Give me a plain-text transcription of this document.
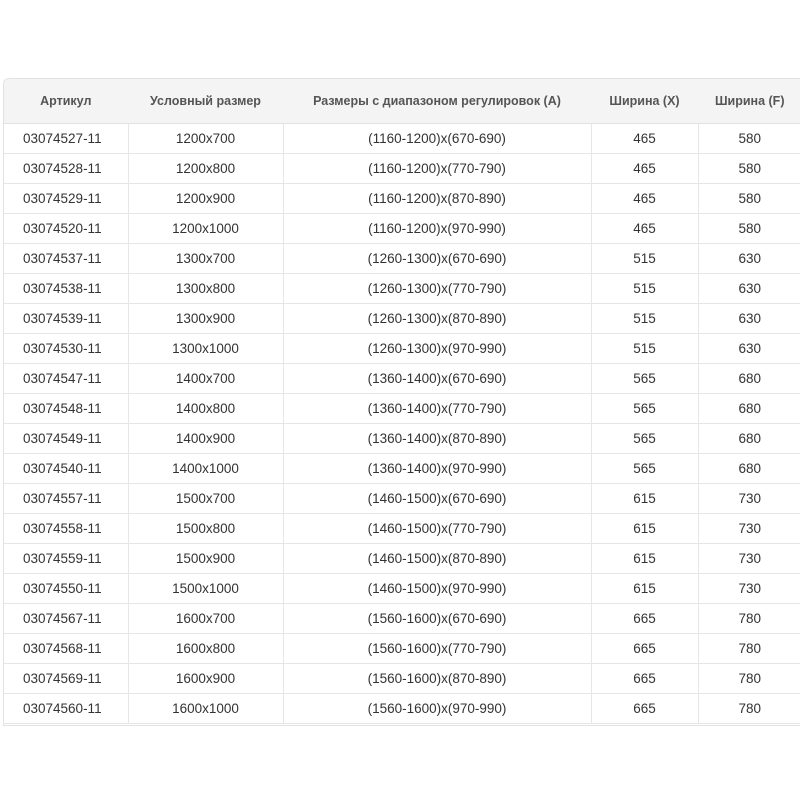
Артикул	Условный размер	Размеры с диапазоном регулировок (А)	Ширина (X)	Ширина (F)
03074527-11	1200x700	(1160-1200)x(670-690)	465	580
03074528-11	1200x800	(1160-1200)x(770-790)	465	580
03074529-11	1200x900	(1160-1200)x(870-890)	465	580
03074520-11	1200x1000	(1160-1200)x(970-990)	465	580
03074537-11	1300x700	(1260-1300)x(670-690)	515	630
03074538-11	1300x800	(1260-1300)x(770-790)	515	630
03074539-11	1300x900	(1260-1300)x(870-890)	515	630
03074530-11	1300x1000	(1260-1300)x(970-990)	515	630
03074547-11	1400x700	(1360-1400)x(670-690)	565	680
03074548-11	1400x800	(1360-1400)x(770-790)	565	680
03074549-11	1400x900	(1360-1400)x(870-890)	565	680
03074540-11	1400x1000	(1360-1400)x(970-990)	565	680
03074557-11	1500x700	(1460-1500)x(670-690)	615	730
03074558-11	1500x800	(1460-1500)x(770-790)	615	730
03074559-11	1500x900	(1460-1500)x(870-890)	615	730
03074550-11	1500x1000	(1460-1500)x(970-990)	615	730
03074567-11	1600x700	(1560-1600)x(670-690)	665	780
03074568-11	1600x800	(1560-1600)x(770-790)	665	780
03074569-11	1600x900	(1560-1600)x(870-890)	665	780
03074560-11	1600x1000	(1560-1600)x(970-990)	665	780
